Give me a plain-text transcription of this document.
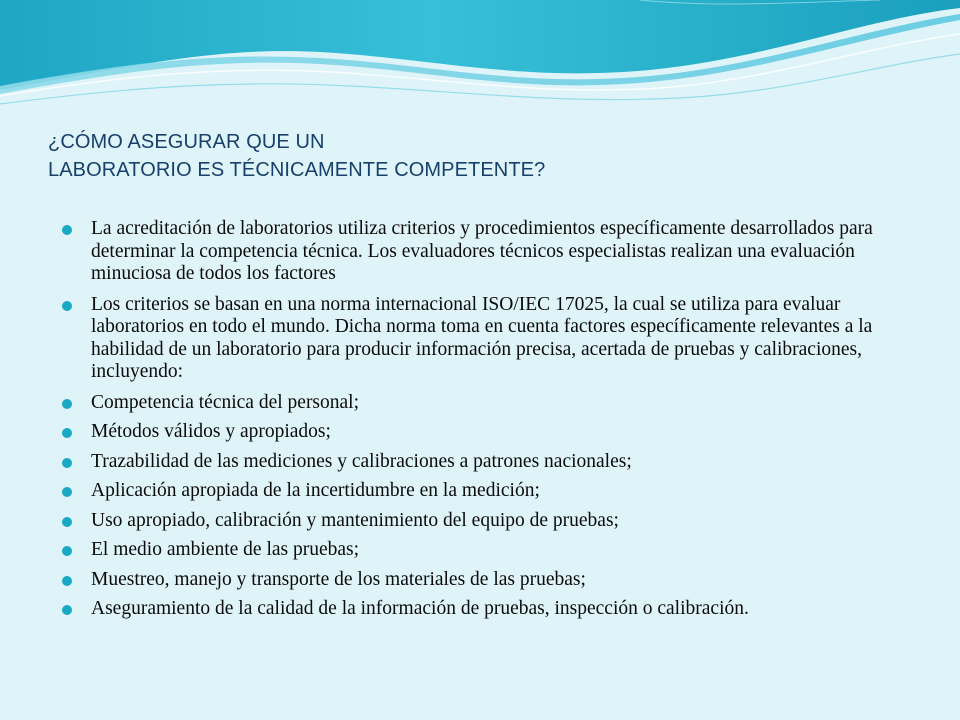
¿CÓMO ASEGURAR QUE UN
LABORATORIO ES TÉCNICAMENTE COMPETENTE?
La acreditación de laboratorios utiliza criterios y procedimientos específicamente desarrollados para determinar la competencia técnica. Los evaluadores técnicos especialistas realizan una evaluación minuciosa de todos los factores
Los criterios se basan en una norma internacional ISO/IEC 17025, la cual se utiliza para evaluar laboratorios en todo el mundo. Dicha norma toma en cuenta factores específicamente relevantes a la habilidad de un laboratorio para producir información precisa, acertada de pruebas y calibraciones, incluyendo:
Competencia técnica del personal;
Métodos válidos y apropiados;
Trazabilidad de las mediciones y calibraciones a patrones nacionales;
Aplicación apropiada de la incertidumbre en la medición;
Uso apropiado, calibración y mantenimiento del equipo de pruebas;
El medio ambiente de las pruebas;
Muestreo, manejo y transporte de los materiales de las pruebas;
Aseguramiento de la calidad de la información de pruebas, inspección o calibración.
